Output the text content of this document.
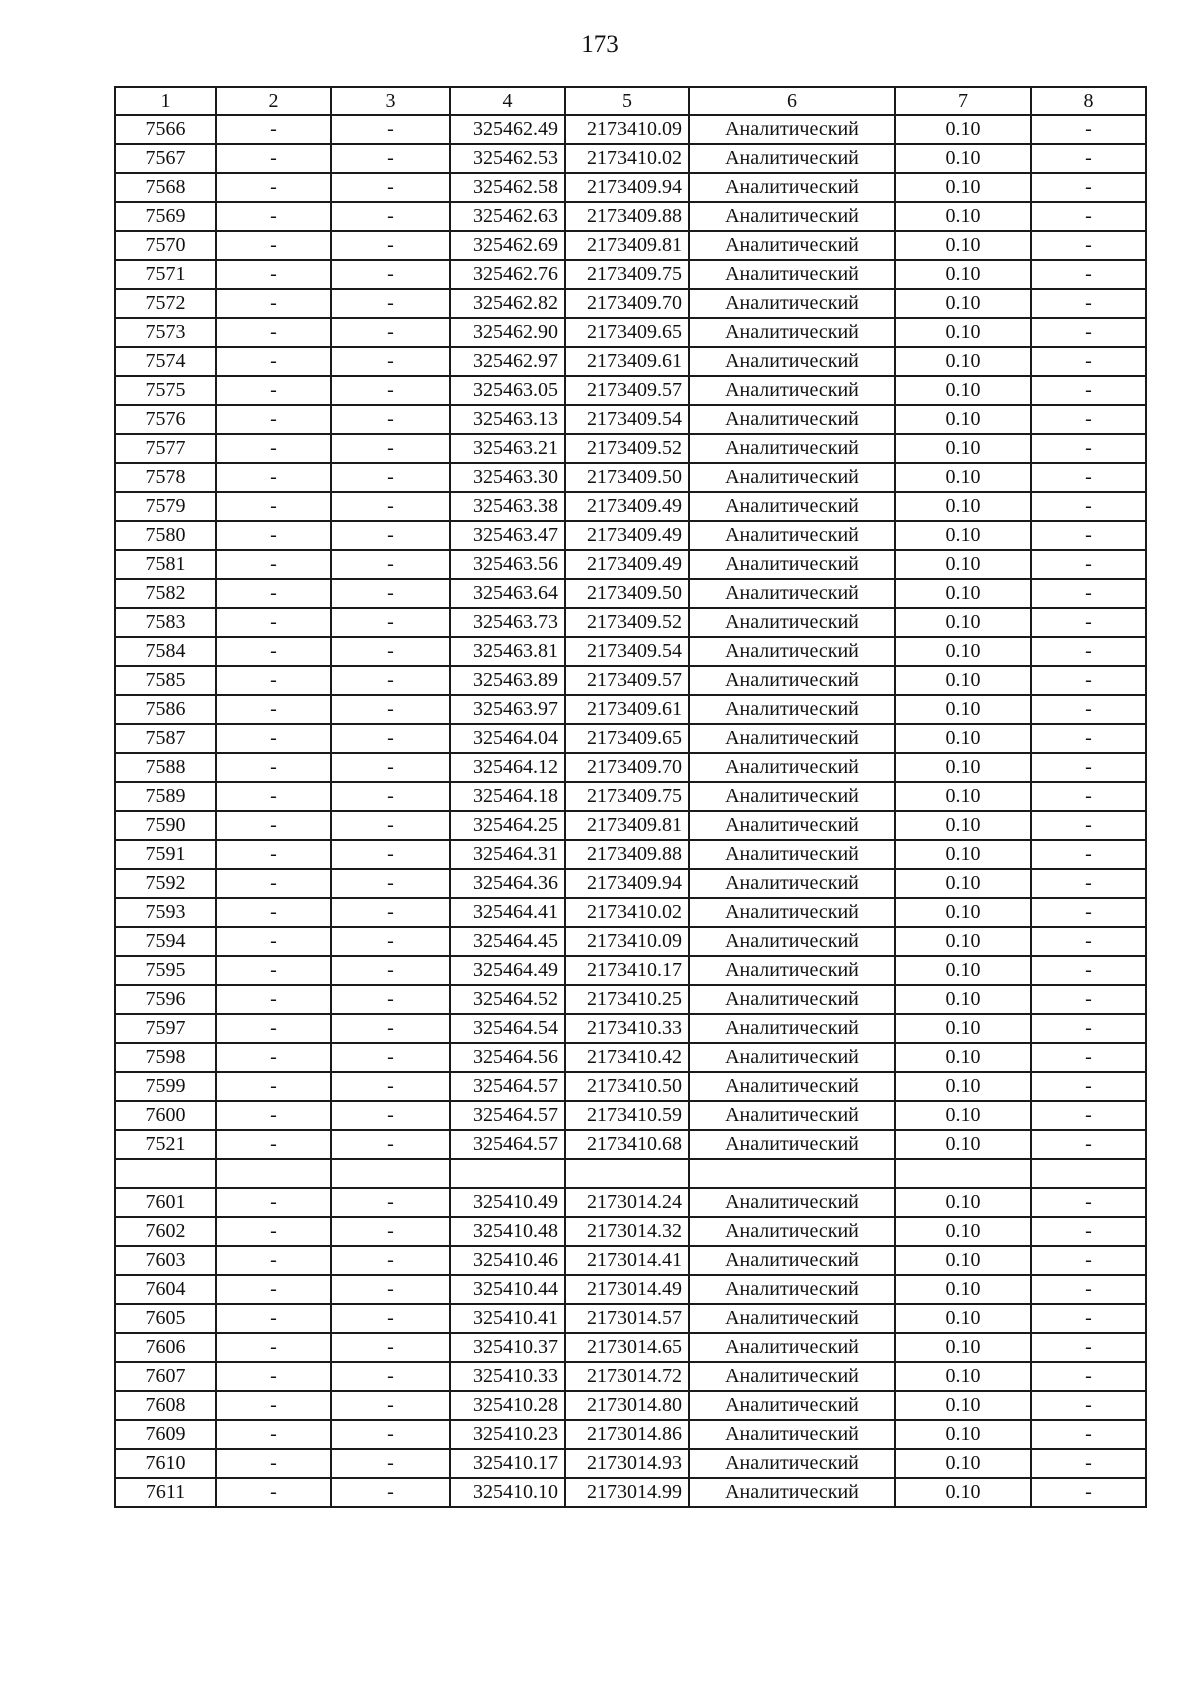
173
1	2	3	4	5	6	7	8
7566	-	-	325462.49	2173410.09	Аналитический	0.10	-
7567	-	-	325462.53	2173410.02	Аналитический	0.10	-
7568	-	-	325462.58	2173409.94	Аналитический	0.10	-
7569	-	-	325462.63	2173409.88	Аналитический	0.10	-
7570	-	-	325462.69	2173409.81	Аналитический	0.10	-
7571	-	-	325462.76	2173409.75	Аналитический	0.10	-
7572	-	-	325462.82	2173409.70	Аналитический	0.10	-
7573	-	-	325462.90	2173409.65	Аналитический	0.10	-
7574	-	-	325462.97	2173409.61	Аналитический	0.10	-
7575	-	-	325463.05	2173409.57	Аналитический	0.10	-
7576	-	-	325463.13	2173409.54	Аналитический	0.10	-
7577	-	-	325463.21	2173409.52	Аналитический	0.10	-
7578	-	-	325463.30	2173409.50	Аналитический	0.10	-
7579	-	-	325463.38	2173409.49	Аналитический	0.10	-
7580	-	-	325463.47	2173409.49	Аналитический	0.10	-
7581	-	-	325463.56	2173409.49	Аналитический	0.10	-
7582	-	-	325463.64	2173409.50	Аналитический	0.10	-
7583	-	-	325463.73	2173409.52	Аналитический	0.10	-
7584	-	-	325463.81	2173409.54	Аналитический	0.10	-
7585	-	-	325463.89	2173409.57	Аналитический	0.10	-
7586	-	-	325463.97	2173409.61	Аналитический	0.10	-
7587	-	-	325464.04	2173409.65	Аналитический	0.10	-
7588	-	-	325464.12	2173409.70	Аналитический	0.10	-
7589	-	-	325464.18	2173409.75	Аналитический	0.10	-
7590	-	-	325464.25	2173409.81	Аналитический	0.10	-
7591	-	-	325464.31	2173409.88	Аналитический	0.10	-
7592	-	-	325464.36	2173409.94	Аналитический	0.10	-
7593	-	-	325464.41	2173410.02	Аналитический	0.10	-
7594	-	-	325464.45	2173410.09	Аналитический	0.10	-
7595	-	-	325464.49	2173410.17	Аналитический	0.10	-
7596	-	-	325464.52	2173410.25	Аналитический	0.10	-
7597	-	-	325464.54	2173410.33	Аналитический	0.10	-
7598	-	-	325464.56	2173410.42	Аналитический	0.10	-
7599	-	-	325464.57	2173410.50	Аналитический	0.10	-
7600	-	-	325464.57	2173410.59	Аналитический	0.10	-
7521	-	-	325464.57	2173410.68	Аналитический	0.10	-

7601	-	-	325410.49	2173014.24	Аналитический	0.10	-
7602	-	-	325410.48	2173014.32	Аналитический	0.10	-
7603	-	-	325410.46	2173014.41	Аналитический	0.10	-
7604	-	-	325410.44	2173014.49	Аналитический	0.10	-
7605	-	-	325410.41	2173014.57	Аналитический	0.10	-
7606	-	-	325410.37	2173014.65	Аналитический	0.10	-
7607	-	-	325410.33	2173014.72	Аналитический	0.10	-
7608	-	-	325410.28	2173014.80	Аналитический	0.10	-
7609	-	-	325410.23	2173014.86	Аналитический	0.10	-
7610	-	-	325410.17	2173014.93	Аналитический	0.10	-
7611	-	-	325410.10	2173014.99	Аналитический	0.10	-
